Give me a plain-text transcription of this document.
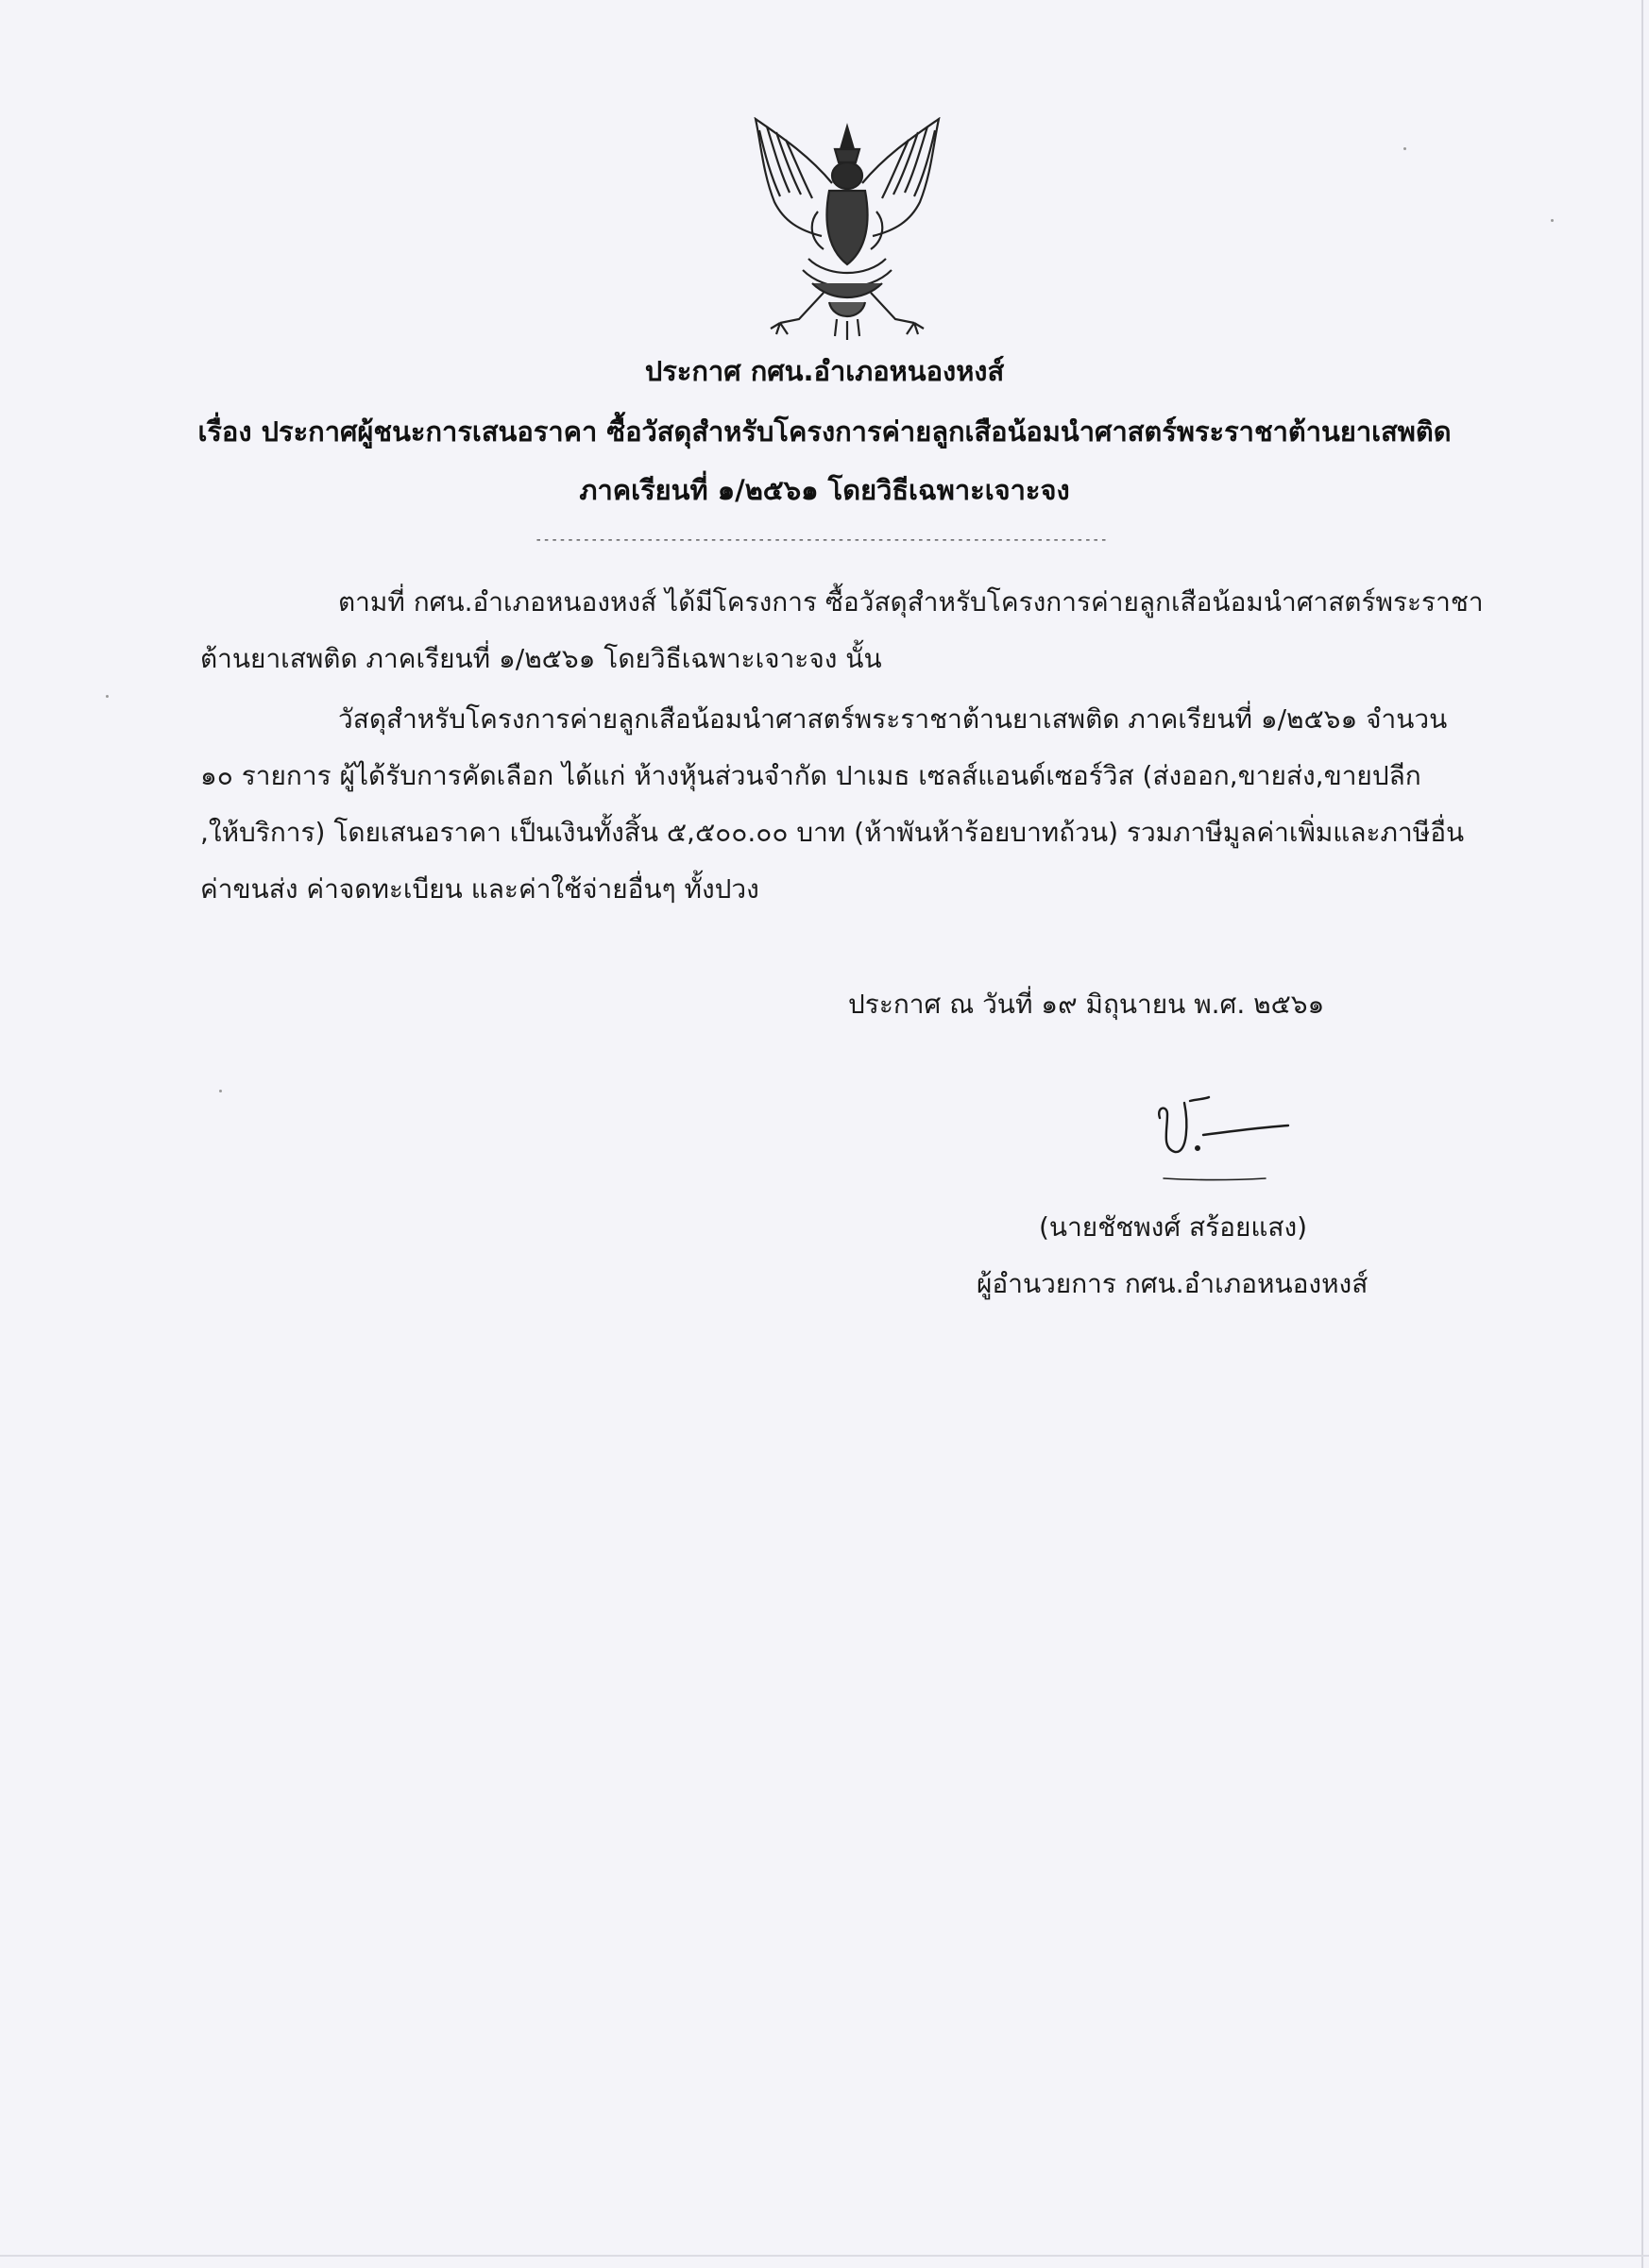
ประกาศ กศน.อำเภอหนองหงส์
เรื่อง ประกาศผู้ชนะการเสนอราคา ซื้อวัสดุสำหรับโครงการค่ายลูกเสือน้อมนำศาสตร์พระราชาต้านยาเสพติด
ภาคเรียนที่ ๑/๒๕๖๑ โดยวิธีเฉพาะเจาะจง
------------------------------------------------------------------------
ตามที่ กศน.อำเภอหนองหงส์ ได้มีโครงการ ซื้อวัสดุสำหรับโครงการค่ายลูกเสือน้อมนำศาสตร์พระราชา
ต้านยาเสพติด ภาคเรียนที่ ๑/๒๕๖๑ โดยวิธีเฉพาะเจาะจง นั้น
วัสดุสำหรับโครงการค่ายลูกเสือน้อมนำศาสตร์พระราชาต้านยาเสพติด ภาคเรียนที่ ๑/๒๕๖๑ จำนวน
๑๐ รายการ ผู้ได้รับการคัดเลือก ได้แก่ ห้างหุ้นส่วนจำกัด ปาเมธ เซลส์แอนด์เซอร์วิส (ส่งออก,ขายส่ง,ขายปลีก
,ให้บริการ) โดยเสนอราคา เป็นเงินทั้งสิ้น ๕,๕๐๐.๐๐ บาท (ห้าพันห้าร้อยบาทถ้วน) รวมภาษีมูลค่าเพิ่มและภาษีอื่น
ค่าขนส่ง ค่าจดทะเบียน และค่าใช้จ่ายอื่นๆ ทั้งปวง
ประกาศ ณ วันที่ ๑๙ มิถุนายน พ.ศ. ๒๕๖๑
(นายชัชพงศ์ สร้อยแสง)
ผู้อำนวยการ กศน.อำเภอหนองหงส์
